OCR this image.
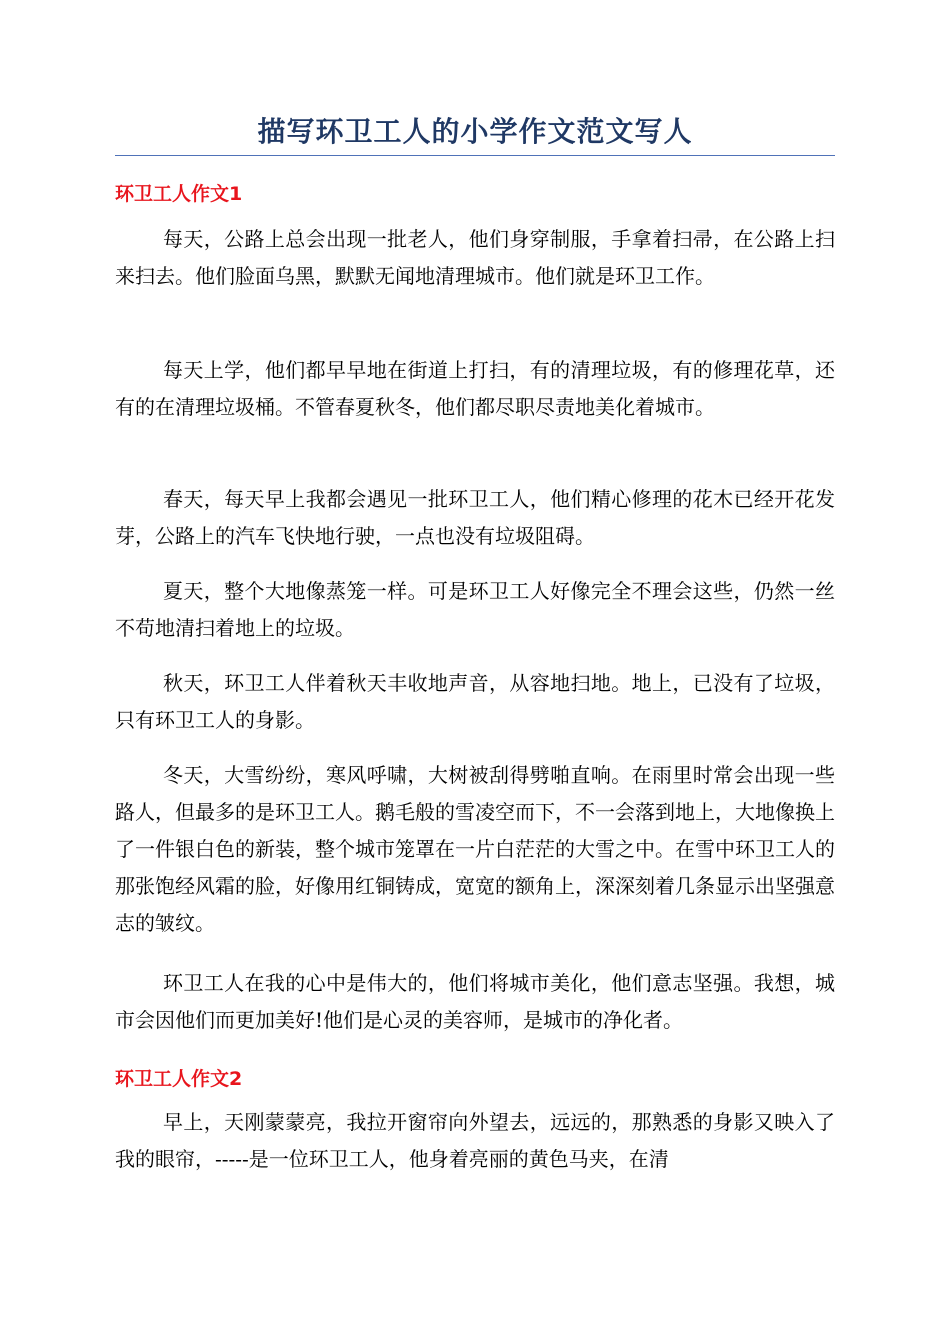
描写环卫工人的小学作文范文写人
环卫工人作文1

每天，公路上总会出现一批老人，他们身穿制服，手拿着扫帚，在公路上扫来扫去。他们脸面乌黑，默默无闻地清理城市。他们就是环卫工作。

每天上学，他们都早早地在街道上打扫，有的清理垃圾，有的修理花草，还有的在清理垃圾桶。不管春夏秋冬，他们都尽职尽责地美化着城市。

春天，每天早上我都会遇见一批环卫工人，他们精心修理的花木已经开花发芽，公路上的汽车飞快地行驶，一点也没有垃圾阻碍。

夏天，整个大地像蒸笼一样。可是环卫工人好像完全不理会这些，仍然一丝不苟地清扫着地上的垃圾。

秋天，环卫工人伴着秋天丰收地声音，从容地扫地。地上，已没有了垃圾，只有环卫工人的身影。

冬天，大雪纷纷，寒风呼啸，大树被刮得劈啪直响。在雨里时常会出现一些路人，但最多的是环卫工人。鹅毛般的雪凌空而下，不一会落到地上，大地像换上了一件银白色的新装，整个城市笼罩在一片白茫茫的大雪之中。在雪中环卫工人的那张饱经风霜的脸，好像用红铜铸成，宽宽的额角上，深深刻着几条显示出坚强意志的皱纹。

环卫工人在我的心中是伟大的，他们将城市美化，他们意志坚强。我想，城市会因他们而更加美好!他们是心灵的美容师，是城市的净化者。

环卫工人作文2

早上，天刚蒙蒙亮，我拉开窗帘向外望去，远远的，那熟悉的身影又映入了我的眼帘，-----是一位环卫工人，他身着亮丽的黄色马夹，在清
